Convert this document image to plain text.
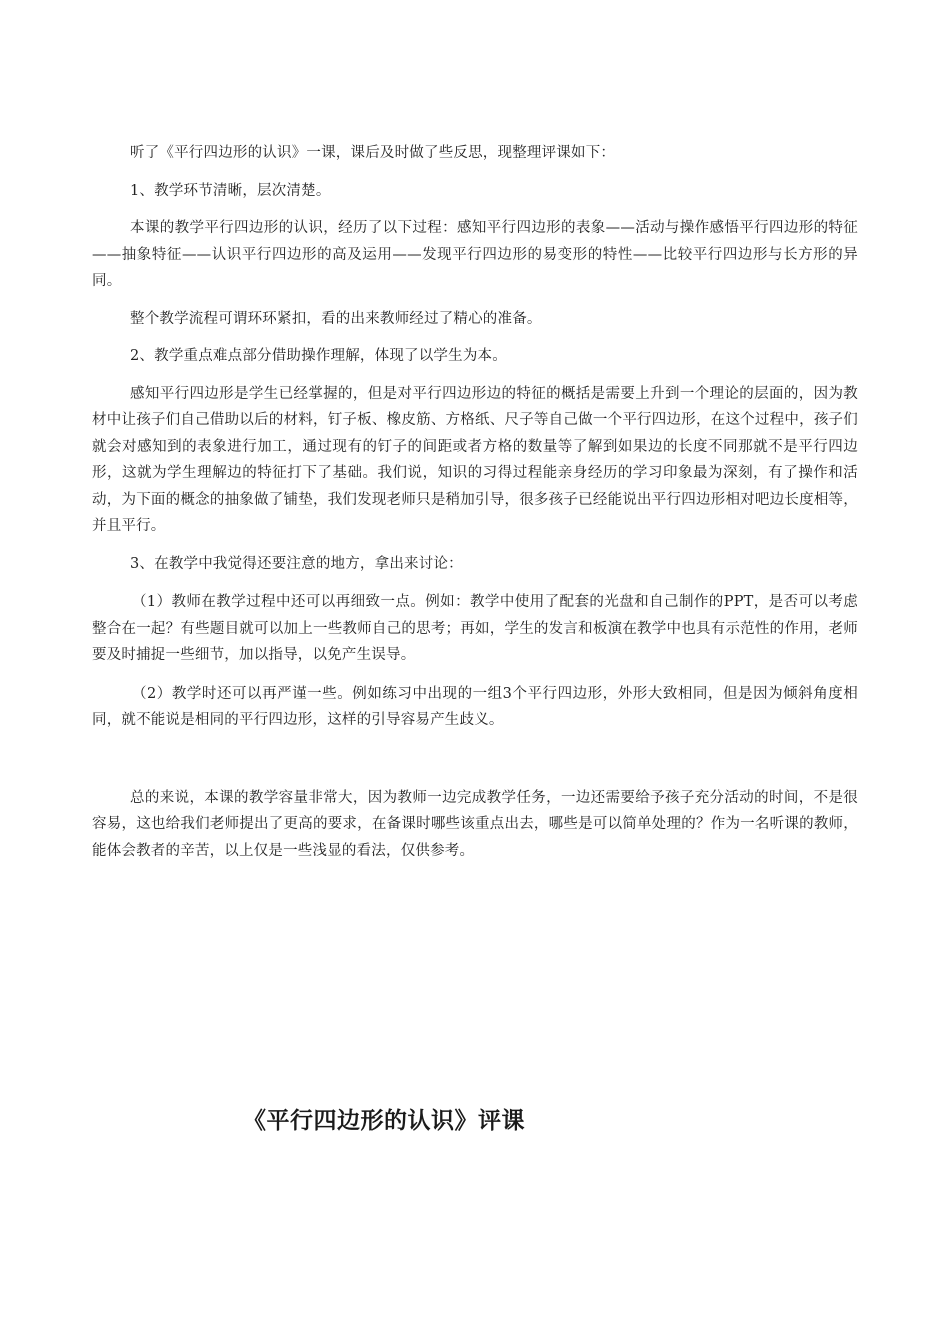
听了《平行四边形的认识》一课，课后及时做了些反思，现整理评课如下：

1、教学环节清晰，层次清楚。

本课的教学平行四边形的认识，经历了以下过程：感知平行四边形的表象——活动与操作感悟平行四边形的特征——抽象特征——认识平行四边形的高及运用——发现平行四边形的易变形的特性——比较平行四边形与长方形的异同。

整个教学流程可谓环环紧扣，看的出来教师经过了精心的准备。

2、教学重点难点部分借助操作理解，体现了以学生为本。

感知平行四边形是学生已经掌握的，但是对平行四边形边的特征的概括是需要上升到一个理论的层面的，因为教材中让孩子们自己借助以后的材料，钉子板、橡皮筋、方格纸、尺子等自己做一个平行四边形，在这个过程中，孩子们就会对感知到的表象进行加工，通过现有的钉子的间距或者方格的数量等了解到如果边的长度不同那就不是平行四边形，这就为学生理解边的特征打下了基础。我们说，知识的习得过程能亲身经历的学习印象最为深刻，有了操作和活动，为下面的概念的抽象做了铺垫，我们发现老师只是稍加引导，很多孩子已经能说出平行四边形相对吧边长度相等，并且平行。

3、在教学中我觉得还要注意的地方，拿出来讨论：

（1）教师在教学过程中还可以再细致一点。例如：教学中使用了配套的光盘和自己制作的PPT，是否可以考虑整合在一起？有些题目就可以加上一些教师自己的思考；再如，学生的发言和板演在教学中也具有示范性的作用，老师要及时捕捉一些细节，加以指导，以免产生误导。

（2）教学时还可以再严谨一些。例如练习中出现的一组3个平行四边形，外形大致相同，但是因为倾斜角度相同，就不能说是相同的平行四边形，这样的引导容易产生歧义。

总的来说，本课的教学容量非常大，因为教师一边完成教学任务，一边还需要给予孩子充分活动的时间，不是很容易，这也给我们老师提出了更高的要求，在备课时哪些该重点出去，哪些是可以简单处理的？作为一名听课的教师，能体会教者的辛苦，以上仅是一些浅显的看法，仅供参考。

《平行四边形的认识》评课
